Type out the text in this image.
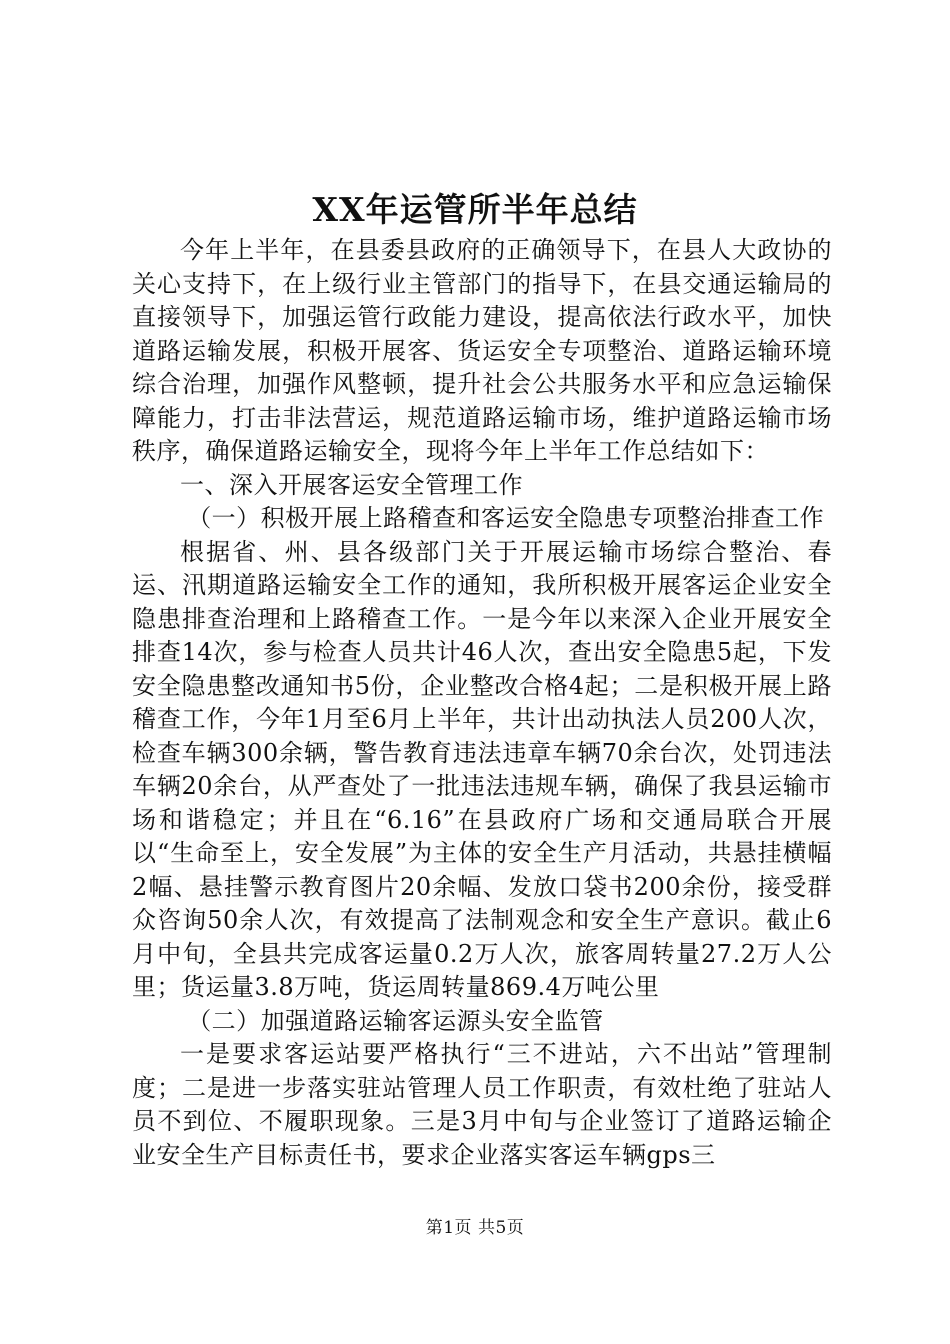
XX年运管所半年总结

今年上半年，在县委县政府的正确领导下，在县人大政协的关心支持下，在上级行业主管部门的指导下，在县交通运输局的直接领导下，加强运管行政能力建设，提高依法行政水平，加快道路运输发展，积极开展客、货运安全专项整治、道路运输环境综合治理，加强作风整顿，提升社会公共服务水平和应急运输保障能力，打击非法营运，规范道路运输市场，维护道路运输市场秩序，确保道路运输安全，现将今年上半年工作总结如下：

一、深入开展客运安全管理工作

（一）积极开展上路稽查和客运安全隐患专项整治排查工作

根据省、州、县各级部门关于开展运输市场综合整治、春运、汛期道路运输安全工作的通知，我所积极开展客运企业安全隐患排查治理和上路稽查工作。一是今年以来深入企业开展安全排查14次，参与检查人员共计46人次，查出安全隐患5起，下发安全隐患整改通知书5份，企业整改合格4起；二是积极开展上路稽查工作，今年1月至6月上半年，共计出动执法人员200人次，检查车辆300余辆，警告教育违法违章车辆70余台次，处罚违法车辆20余台，从严查处了一批违法违规车辆，确保了我县运输市场和谐稳定；并且在“6.16”在县政府广场和交通局联合开展以“生命至上，安全发展”为主体的安全生产月活动，共悬挂横幅2幅、悬挂警示教育图片20余幅、发放口袋书200余份，接受群众咨询50余人次，有效提高了法制观念和安全生产意识。截止6月中旬，全县共完成客运量0.2万人次，旅客周转量27.2万人公里；货运量3.8万吨，货运周转量869.4万吨公里

（二）加强道路运输客运源头安全监管

一是要求客运站要严格执行“三不进站，六不出站”管理制度；二是进一步落实驻站管理人员工作职责，有效杜绝了驻站人员不到位、不履职现象。三是3月中旬与企业签订了道路运输企业安全生产目标责任书，要求企业落实客运车辆gps三

第1页 共5页
